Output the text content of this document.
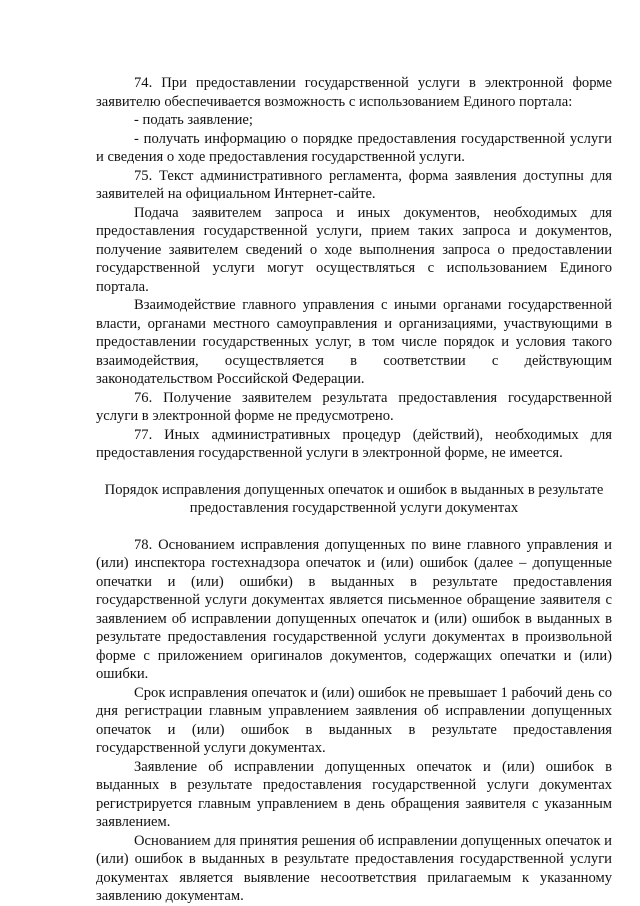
74. При предоставлении государственной услуги в электронной форме заявителю обеспечивается возможность с использованием Единого портала:

- подать заявление;

- получать информацию о порядке предоставления государственной услуги и сведения о ходе предоставления государственной услуги.

75. Текст административного регламента, форма заявления доступны для заявителей на официальном Интернет-сайте.

Подача заявителем запроса и иных документов, необходимых для предоставления государственной услуги, прием таких запроса и документов, получение заявителем сведений о ходе выполнения запроса о предоставлении государственной услуги могут осуществляться с использованием Единого портала.

Взаимодействие главного управления с иными органами государственной власти, органами местного самоуправления и организациями, участвующими в предоставлении государственных услуг, в том числе порядок и условия такого взаимодействия, осуществляется в соответствии с действующим законодательством Российской Федерации.

76. Получение заявителем результата предоставления государственной услуги в электронной форме не предусмотрено.

77. Иных административных процедур (действий), необходимых для предоставления государственной услуги в электронной форме, не имеется.

Порядок исправления допущенных опечаток и ошибок в выданных в результате предоставления государственной услуги документах

78. Основанием исправления допущенных по вине главного управления и (или) инспектора гостехнадзора опечаток и (или) ошибок (далее – допущенные опечатки и (или) ошибки) в выданных в результате предоставления государственной услуги документах является письменное обращение заявителя с заявлением об исправлении допущенных опечаток и (или) ошибок в выданных в результате предоставления государственной услуги документах в произвольной форме с приложением оригиналов документов, содержащих опечатки и (или) ошибки.

Срок исправления опечаток и (или) ошибок не превышает 1 рабочий день со дня регистрации главным управлением заявления об исправлении допущенных опечаток и (или) ошибок в выданных в результате предоставления государственной услуги документах.

Заявление об исправлении допущенных опечаток и (или) ошибок в выданных в результате предоставления государственной услуги документах регистрируется главным управлением в день обращения заявителя с указанным заявлением.

Основанием для принятия решения об исправлении допущенных опечаток и (или) ошибок в выданных в результате предоставления государственной услуги документах является выявление несоответствия прилагаемым к указанному заявлению документам.
